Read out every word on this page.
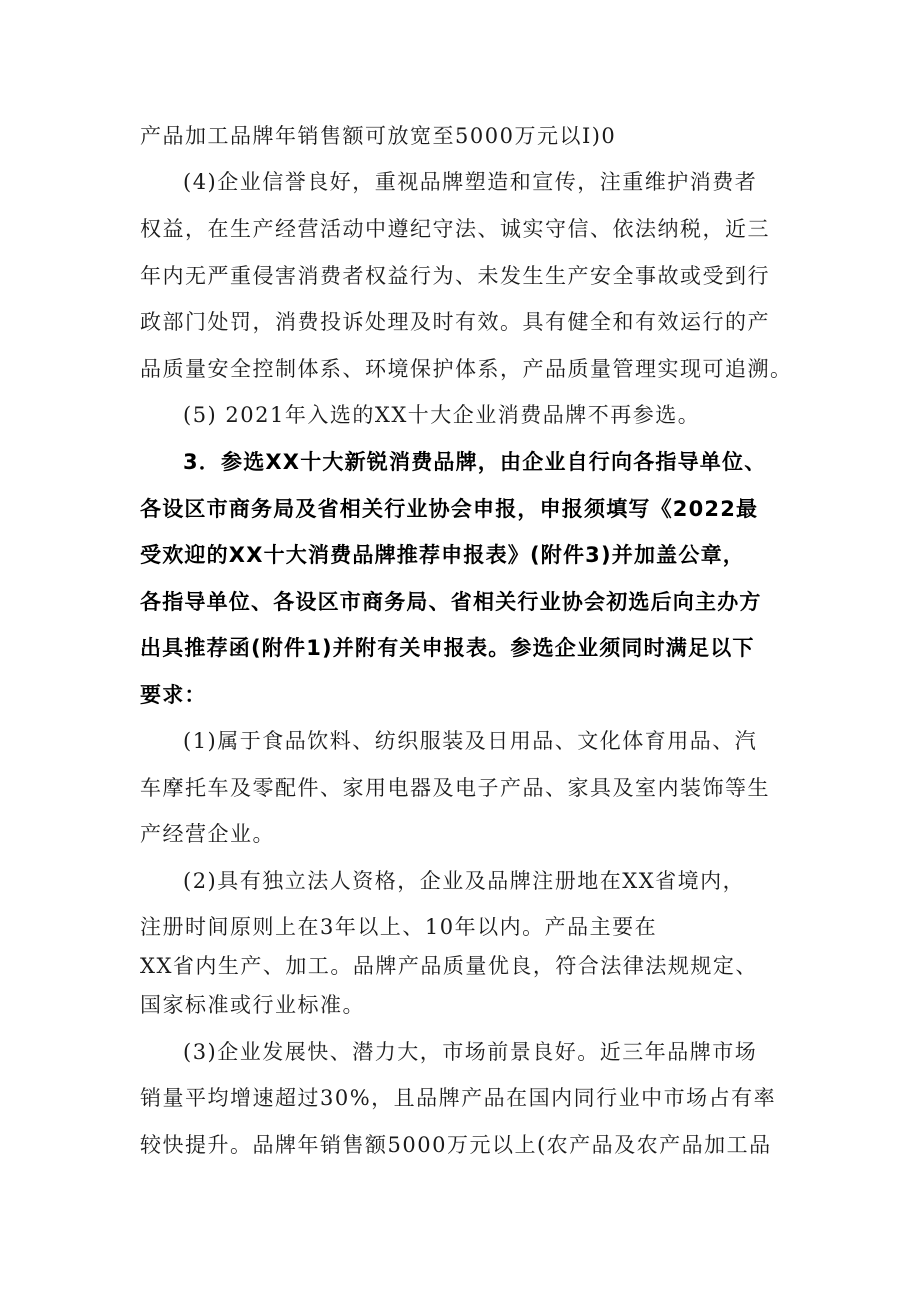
产品加工品牌年销售额可放宽至5000万元以I)0
(4)企业信誉良好，重视品牌塑造和宣传，注重维护消费者
权益，在生产经营活动中遵纪守法、诚实守信、依法纳税，近三
年内无严重侵害消费者权益行为、未发生生产安全事故或受到行
政部门处罚，消费投诉处理及时有效。具有健全和有效运行的产
品质量安全控制体系、环境保护体系，产品质量管理实现可追溯。
(5) 2021年入选的XX十大企业消费品牌不再参选。
3．参选XX十大新锐消费品牌，由企业自行向各指导单位、
各设区市商务局及省相关行业协会申报，申报须填写《2022最
受欢迎的XX十大消费品牌推荐申报表》(附件3)并加盖公章，
各指导单位、各设区市商务局、省相关行业协会初选后向主办方
出具推荐函(附件1)并附有关申报表。参选企业须同时满足以下
要求：
(1)属于食品饮料、纺织服装及日用品、文化体育用品、汽
车摩托车及零配件、家用电器及电子产品、家具及室内装饰等生
产经营企业。
(2)具有独立法人资格，企业及品牌注册地在XX省境内，
注册时间原则上在3年以上、10年以内。产品主要在
XX省内生产、加工。品牌产品质量优良，符合法律法规规定、
国家标准或行业标准。
(3)企业发展快、潜力大，市场前景良好。近三年品牌市场
销量平均增速超过30%，且品牌产品在国内同行业中市场占有率
较快提升。品牌年销售额5000万元以上(农产品及农产品加工品
